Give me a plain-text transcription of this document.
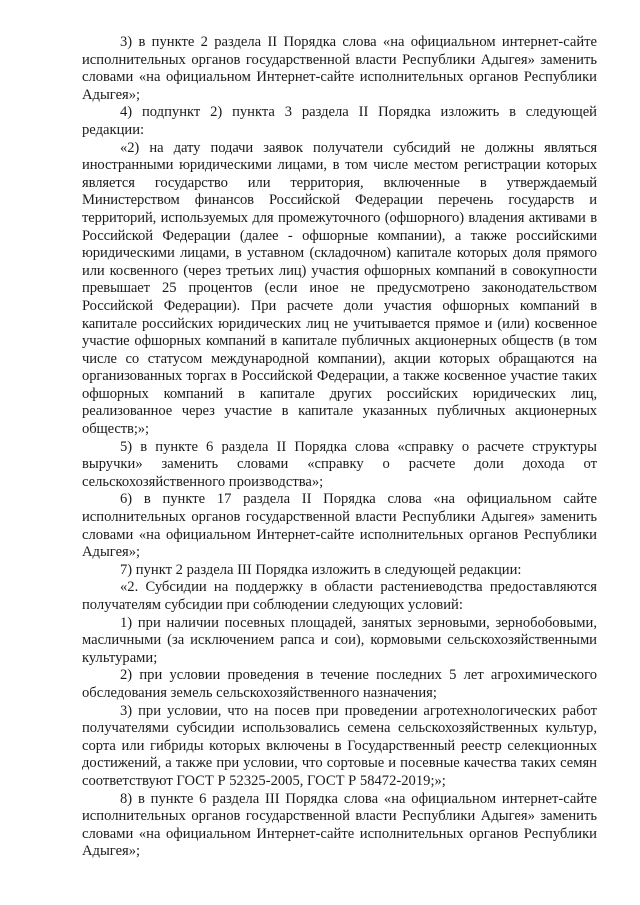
3) в пункте 2 раздела II Порядка слова «на официальном интернет-сайте исполнительных органов государственной власти Республики Адыгея» заменить словами «на официальном Интернет-сайте исполнительных органов Республики Адыгея»;

4) подпункт 2) пункта 3 раздела II Порядка изложить в следующей редакции:

«2) на дату подачи заявок получатели субсидий не должны являться иностранными юридическими лицами, в том числе местом регистрации которых является государство или территория, включенные в утверждаемый Министерством финансов Российской Федерации перечень государств и территорий, используемых для промежуточного (офшорного) владения активами в Российской Федерации (далее - офшорные компании), а также российскими юридическими лицами, в уставном (складочном) капитале которых доля прямого или косвенного (через третьих лиц) участия офшорных компаний в совокупности превышает 25 процентов (если иное не предусмотрено законодательством Российской Федерации). При расчете доли участия офшорных компаний в капитале российских юридических лиц не учитывается прямое и (или) косвенное участие офшорных компаний в капитале публичных акционерных обществ (в том числе со статусом международной компании), акции которых обращаются на организованных торгах в Российской Федерации, а также косвенное участие таких офшорных компаний в капитале других российских юридических лиц, реализованное через участие в капитале указанных публичных акционерных обществ;»;

5) в пункте 6 раздела II Порядка слова «справку о расчете структуры выручки» заменить словами «справку о расчете доли дохода от сельскохозяйственного производства»;

6) в пункте 17 раздела II Порядка слова «на официальном сайте исполнительных органов государственной власти Республики Адыгея» заменить словами «на официальном Интернет-сайте исполнительных органов Республики Адыгея»;

7) пункт 2 раздела III Порядка изложить в следующей редакции:

«2. Субсидии на поддержку в области растениеводства предоставляются получателям субсидии при соблюдении следующих условий:

1) при наличии посевных площадей, занятых зерновыми, зернобобовыми, масличными (за исключением рапса и сои), кормовыми сельскохозяйственными культурами;

2) при условии проведения в течение последних 5 лет агрохимического обследования земель сельскохозяйственного назначения;

3) при условии, что на посев при проведении агротехнологических работ получателями субсидии использовались семена сельскохозяйственных культур, сорта или гибриды которых включены в Государственный реестр селекционных достижений, а также при условии, что сортовые и посевные качества таких семян соответствуют ГОСТ Р 52325-2005, ГОСТ Р 58472-2019;»;

8) в пункте 6 раздела III Порядка слова «на официальном интернет-сайте исполнительных органов государственной власти Республики Адыгея» заменить словами «на официальном Интернет-сайте исполнительных органов Республики Адыгея»;
